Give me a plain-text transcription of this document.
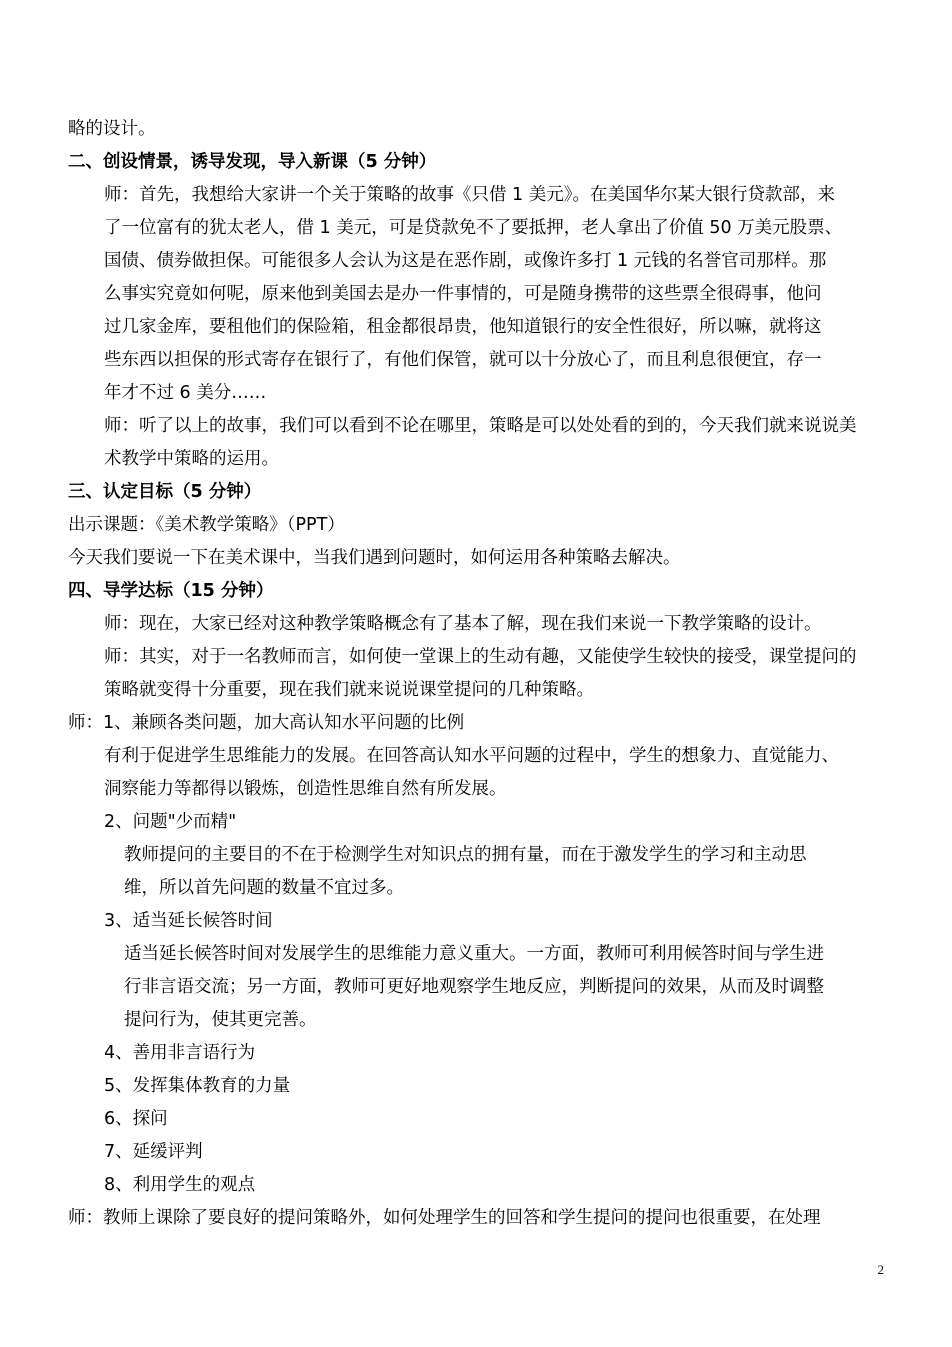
略的设计。
二、创设情景，诱导发现，导入新课（5 分钟）
师：首先，我想给大家讲一个关于策略的故事《只借 1 美元》。在美国华尔某大银行贷款部，来
了一位富有的犹太老人，借 1 美元，可是贷款免不了要抵押，老人拿出了价值 50 万美元股票、
国债、债券做担保。可能很多人会认为这是在恶作剧，或像许多打 1 元钱的名誉官司那样。那
么事实究竟如何呢，原来他到美国去是办一件事情的，可是随身携带的这些票全很碍事，他问
过几家金库，要租他们的保险箱，租金都很昂贵，他知道银行的安全性很好，所以嘛，就将这
些东西以担保的形式寄存在银行了，有他们保管，就可以十分放心了，而且利息很便宜，存一
年才不过 6 美分……
师：听了以上的故事，我们可以看到不论在哪里，策略是可以处处看的到的，今天我们就来说说美
术教学中策略的运用。
三、认定目标（5 分钟）
出示课题：《美术教学策略》（PPT）
今天我们要说一下在美术课中，当我们遇到问题时，如何运用各种策略去解决。
四、导学达标（15 分钟）
师：现在，大家已经对这种教学策略概念有了基本了解，现在我们来说一下教学策略的设计。
师：其实，对于一名教师而言，如何使一堂课上的生动有趣，又能使学生较快的接受，课堂提问的
策略就变得十分重要，现在我们就来说说课堂提问的几种策略。
师：1、兼顾各类问题，加大高认知水平问题的比例
有利于促进学生思维能力的发展。在回答高认知水平问题的过程中，学生的想象力、直觉能力、
洞察能力等都得以锻炼，创造性思维自然有所发展。
2、问题"少而精"
教师提问的主要目的不在于检测学生对知识点的拥有量，而在于激发学生的学习和主动思
维，所以首先问题的数量不宜过多。
3、适当延长候答时间
适当延长候答时间对发展学生的思维能力意义重大。一方面，教师可利用候答时间与学生进
行非言语交流；另一方面，教师可更好地观察学生地反应，判断提问的效果，从而及时调整
提问行为，使其更完善。
4、善用非言语行为
5、发挥集体教育的力量
6、探问
7、延缓评判
8、利用学生的观点
师：教师上课除了要良好的提问策略外，如何处理学生的回答和学生提问的提问也很重要，在处理
2
